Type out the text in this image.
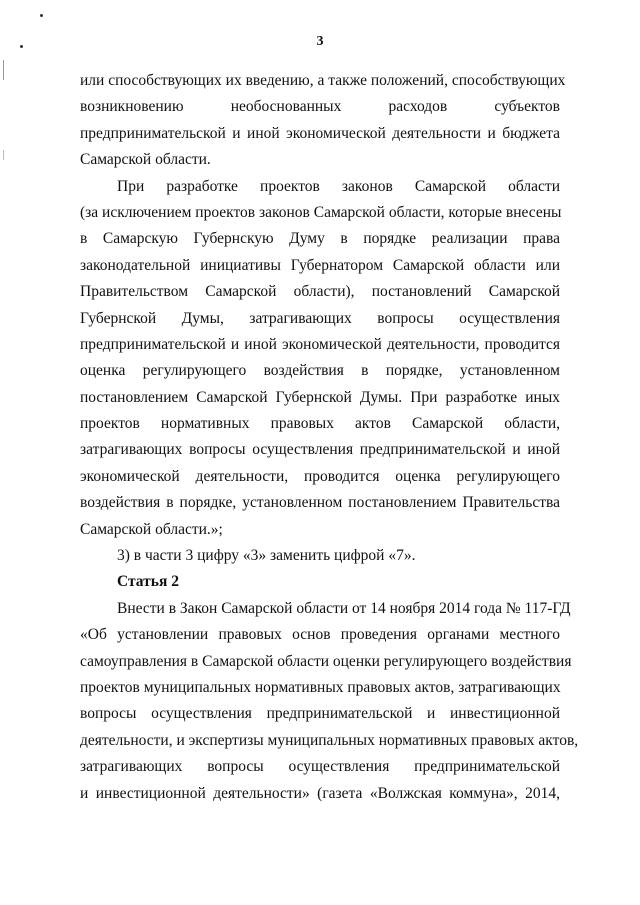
3
или способствующих их введению, а также положений, способствующих
возникновению необоснованных расходов субъектов
предпринимательской и иной экономической деятельности и бюджета
Самарской области.
При разработке проектов законов Самарской области
(за исключением проектов законов Самарской области, которые внесены
в Самарскую Губернскую Думу в порядке реализации права
законодательной инициативы Губернатором Самарской области или
Правительством Самарской области), постановлений Самарской
Губернской Думы, затрагивающих вопросы осуществления
предпринимательской и иной экономической деятельности, проводится
оценка регулирующего воздействия в порядке, установленном
постановлением Самарской Губернской Думы. При разработке иных
проектов нормативных правовых актов Самарской области,
затрагивающих вопросы осуществления предпринимательской и иной
экономической деятельности, проводится оценка регулирующего
воздействия в порядке, установленном постановлением Правительства
Самарской области.»;
3) в части 3 цифру «3» заменить цифрой «7».
Статья 2
Внести в Закон Самарской области от 14 ноября 2014 года № 117-ГД
«Об установлении правовых основ проведения органами местного
самоуправления в Самарской области оценки регулирующего воздействия
проектов муниципальных нормативных правовых актов, затрагивающих
вопросы осуществления предпринимательской и инвестиционной
деятельности, и экспертизы муниципальных нормативных правовых актов,
затрагивающих вопросы осуществления предпринимательской
и инвестиционной деятельности» (газета «Волжская коммуна», 2014,
